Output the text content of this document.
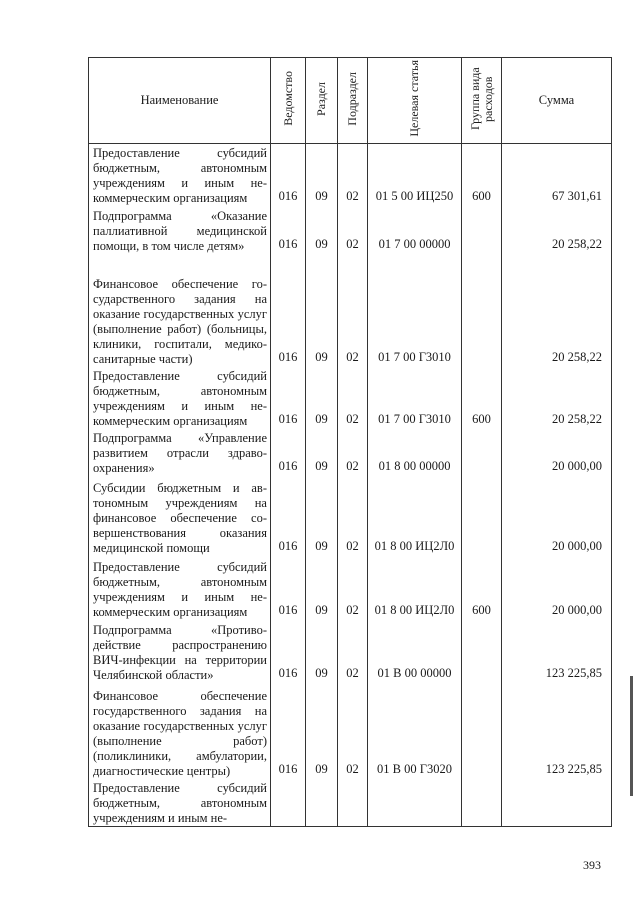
Наименование	Ведомство	Раздел	Подраздел	Целевая статья	Группа вида расходов	Сумма
Предоставление субсидий бюджетным, автономным учреждениям и иным некоммерческим организациям	016	09	02	01 5 00 ИЦ250	600	67 301,61
Подпрограмма «Оказание паллиативной медицинской помощи, в том числе детям»	016	09	02	01 7 00 00000		20 258,22
Финансовое обеспечение государственного задания на оказание государственных услуг (выполнение работ) (больницы, клиники, госпитали, медико-санитарные части)	016	09	02	01 7 00 Г3010		20 258,22
Предоставление субсидий бюджетным, автономным учреждениям и иным некоммерческим организациям	016	09	02	01 7 00 Г3010	600	20 258,22
Подпрограмма «Управление развитием отрасли здравоохранения»	016	09	02	01 8 00 00000		20 000,00
Субсидии бюджетным и автономным учреждениям на финансовое обеспечение совершенствования оказания медицинской помощи	016	09	02	01 8 00 ИЦ2Л0		20 000,00
Предоставление субсидий бюджетным, автономным учреждениям и иным некоммерческим организациям	016	09	02	01 8 00 ИЦ2Л0	600	20 000,00
Подпрограмма «Противодействие распространению ВИЧ-инфекции на территории Челябинской области»	016	09	02	01 В 00 00000		123 225,85
Финансовое обеспечение государственного задания на оказание государственных услуг (выполнение работ) (поликлиники, амбулатории, диагностические центры)	016	09	02	01 В 00 Г3020		123 225,85
Предоставление субсидий бюджетным, автономным учреждениям и иным не-						
393
